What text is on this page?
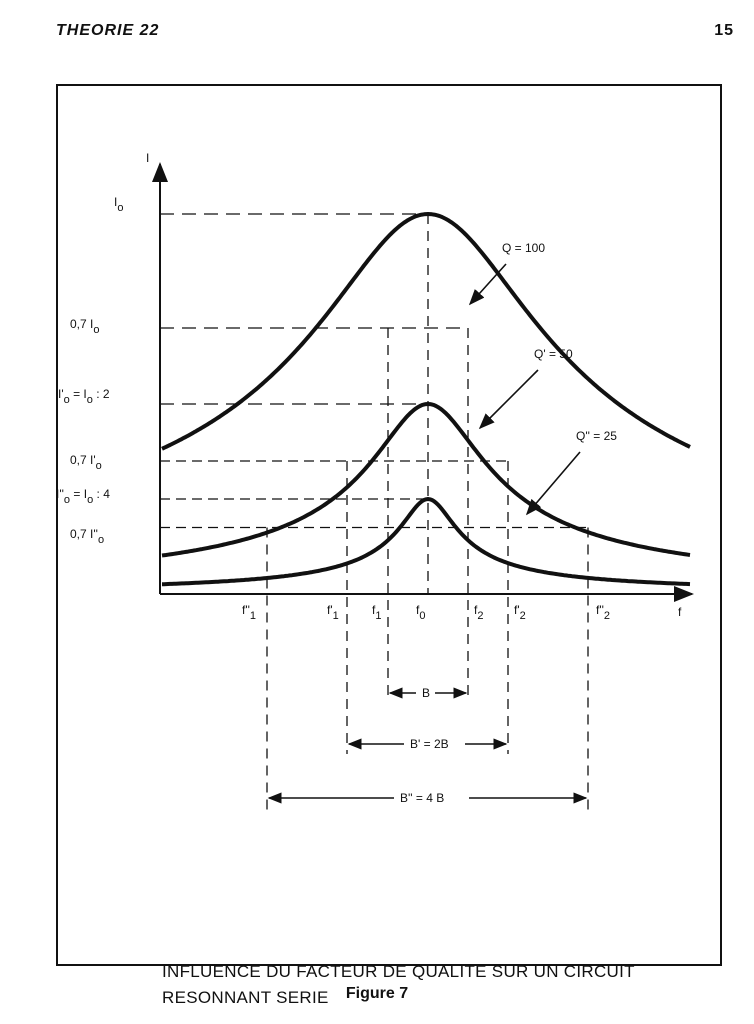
THEORIE 22	15
I
f
Q = 100
Q' = 50
Q'' = 25
Io
0,7 Io
I'o = Io : 2
0,7 I'o
I''o = Io : 4
0,7 I''o
f''1	f'1	f1	f0	f2	f'2	f''2
B
B' = 2B
B'' = 4 B
INFLUENCE DU FACTEUR DE QUALITE SUR UN CIRCUIT
RESONNANT SERIE	Figure 7
